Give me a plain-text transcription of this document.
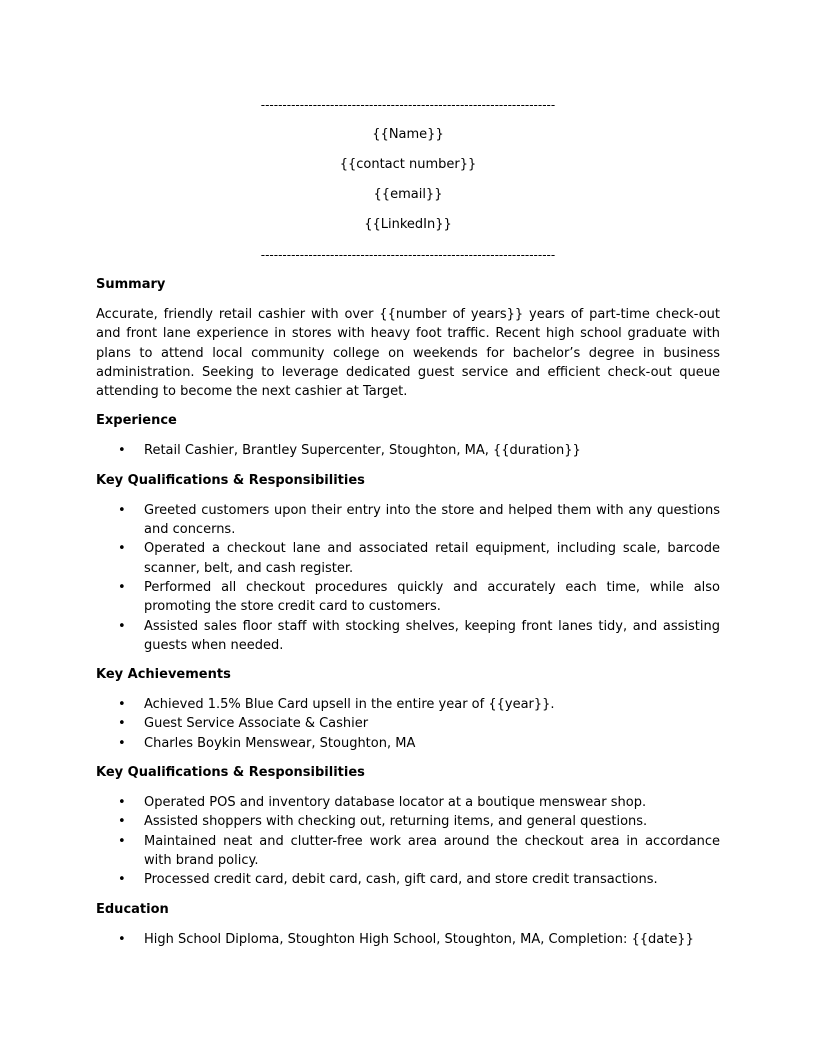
--------------------------------------------------------------------
{{Name}}
{{contact number}}
{{email}}
{{LinkedIn}}
--------------------------------------------------------------------
Summary

Accurate, friendly retail cashier with over {{number of years}} years of part-time check-out and front lane experience in stores with heavy foot traffic. Recent high school graduate with plans to attend local community college on weekends for bachelor’s degree in business administration. Seeking to leverage dedicated guest service and efficient check-out queue attending to become the next cashier at Target.

Experience
• Retail Cashier, Brantley Supercenter, Stoughton, MA, {{duration}}
Key Qualifications & Responsibilities
• Greeted customers upon their entry into the store and helped them with any questions and concerns.
• Operated a checkout lane and associated retail equipment, including scale, barcode scanner, belt, and cash register.
• Performed all checkout procedures quickly and accurately each time, while also promoting the store credit card to customers.
• Assisted sales floor staff with stocking shelves, keeping front lanes tidy, and assisting guests when needed.
Key Achievements
• Achieved 1.5% Blue Card upsell in the entire year of {{year}}.
• Guest Service Associate & Cashier
• Charles Boykin Menswear, Stoughton, MA
Key Qualifications & Responsibilities
• Operated POS and inventory database locator at a boutique menswear shop.
• Assisted shoppers with checking out, returning items, and general questions.
• Maintained neat and clutter-free work area around the checkout area in accordance with brand policy.
• Processed credit card, debit card, cash, gift card, and store credit transactions.
Education
• High School Diploma, Stoughton High School, Stoughton, MA, Completion: {{date}}
